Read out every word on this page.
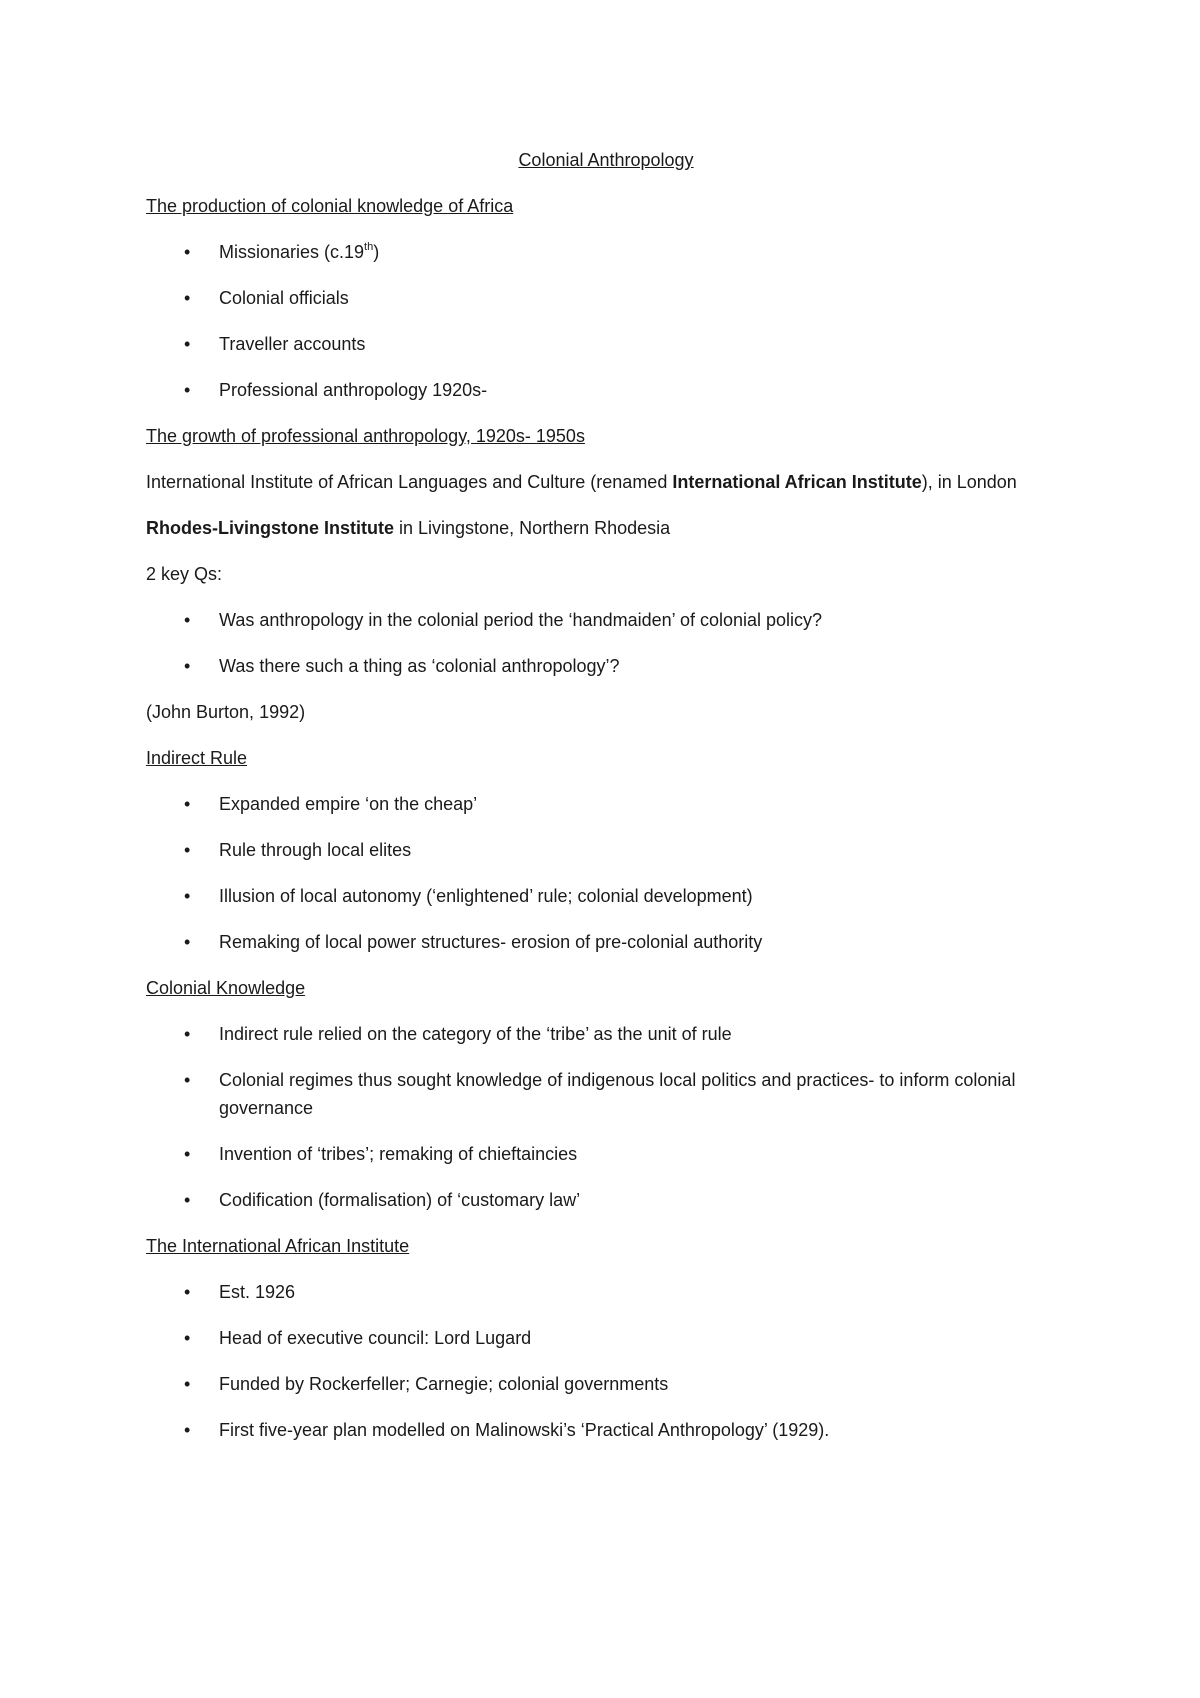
Colonial Anthropology
The production of colonial knowledge of Africa
• Missionaries (c.19th)
• Colonial officials
• Traveller accounts
• Professional anthropology 1920s-
The growth of professional anthropology, 1920s- 1950s
International Institute of African Languages and Culture (renamed International African Institute), in London
Rhodes-Livingstone Institute in Livingstone, Northern Rhodesia
2 key Qs:
• Was anthropology in the colonial period the ‘handmaiden’ of colonial policy?
• Was there such a thing as ‘colonial anthropology’?
(John Burton, 1992)
Indirect Rule
• Expanded empire ‘on the cheap’
• Rule through local elites
• Illusion of local autonomy (‘enlightened’ rule; colonial development)
• Remaking of local power structures- erosion of pre-colonial authority
Colonial Knowledge
• Indirect rule relied on the category of the ‘tribe’ as the unit of rule
• Colonial regimes thus sought knowledge of indigenous local politics and practices- to inform colonial governance
• Invention of ‘tribes’; remaking of chieftaincies
• Codification (formalisation) of ‘customary law’
The International African Institute
• Est. 1926
• Head of executive council: Lord Lugard
• Funded by Rockerfeller; Carnegie; colonial governments
• First five-year plan modelled on Malinowski’s ‘Practical Anthropology’ (1929).
